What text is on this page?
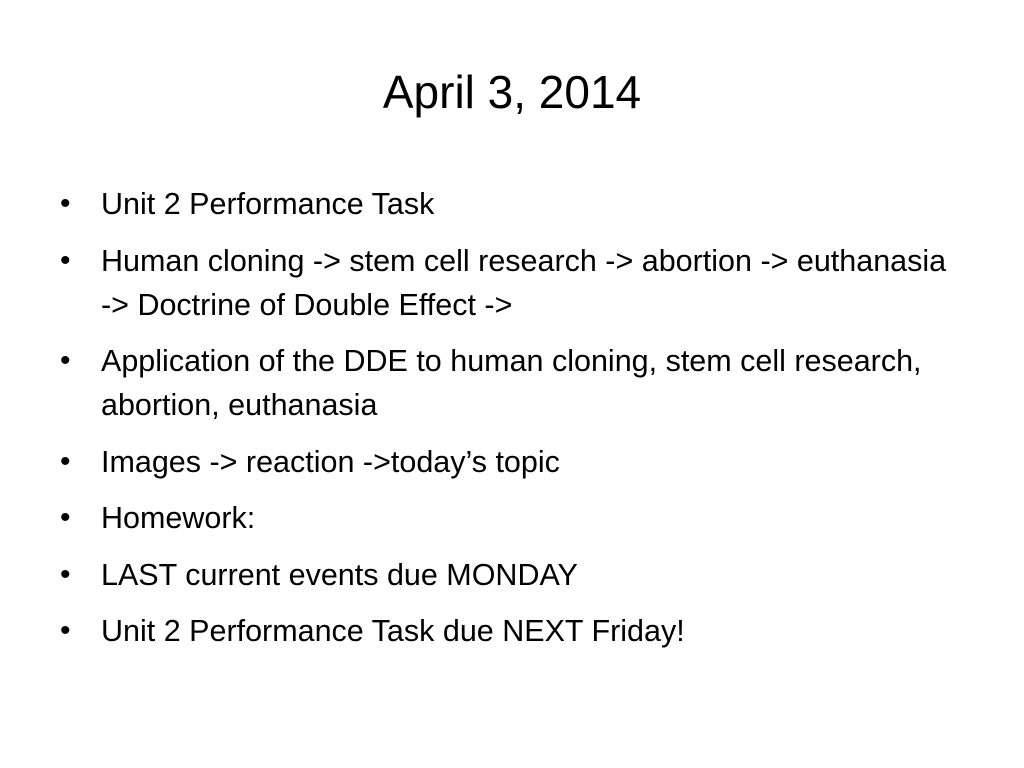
April 3, 2014
• Unit 2 Performance Task
• Human cloning -> stem cell research -> abortion -> euthanasia -> Doctrine of Double Effect ->
• Application of the DDE to human cloning, stem cell research, abortion, euthanasia
• Images -> reaction ->today’s topic
• Homework:
• LAST current events due MONDAY
• Unit 2 Performance Task due NEXT Friday!
